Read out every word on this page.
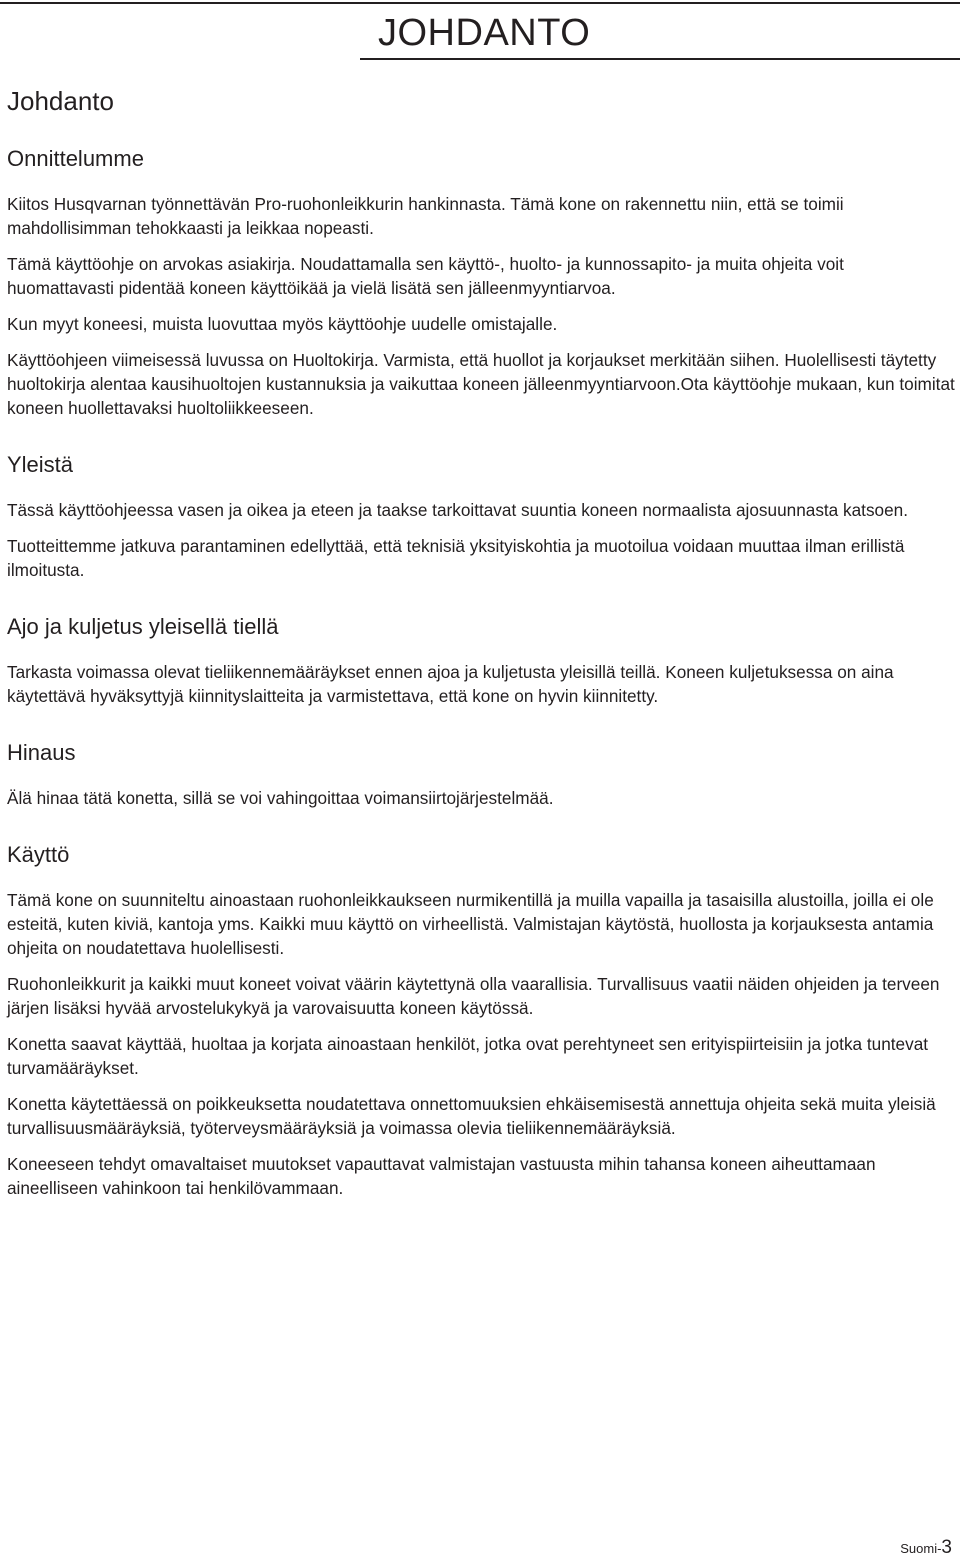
JOHDANTO
Johdanto
Onnittelumme

Kiitos Husqvarnan työnnettävän Pro-ruohonleikkurin hankinnasta. Tämä kone on rakennettu niin, että se toimii mahdollisimman tehokkaasti ja leikkaa nopeasti.

Tämä käyttöohje on arvokas asiakirja. Noudattamalla sen käyttö-, huolto- ja kunnossapito- ja muita ohjeita voit huomattavasti pidentää koneen käyttöikää ja vielä lisätä sen jälleenmyyntiarvoa.

Kun myyt koneesi, muista luovuttaa myös käyttöohje uudelle omistajalle.

Käyttöohjeen viimeisessä luvussa on Huoltokirja. Varmista, että huollot ja korjaukset merkitään siihen. Huolellisesti täytetty huoltokirja alentaa kausihuoltojen kustannuksia ja vaikuttaa koneen jälleenmyyntiarvoon.Ota käyttöohje mukaan, kun toimitat koneen huollettavaksi huoltoliikkeeseen.

Yleistä

Tässä käyttöohjeessa vasen ja oikea ja eteen ja taakse tarkoittavat suuntia koneen normaalista ajosuunnasta katsoen.

Tuotteittemme jatkuva parantaminen edellyttää, että teknisiä yksityiskohtia ja muotoilua voidaan muuttaa ilman erillistä ilmoitusta.

Ajo ja kuljetus yleisellä tiellä

Tarkasta voimassa olevat tieliikennemääräykset ennen ajoa ja kuljetusta yleisillä teillä. Koneen kuljetuksessa on aina käytettävä hyväksyttyjä kiinnityslaitteita ja varmistettava, että kone on hyvin kiinnitetty.

Hinaus

Älä hinaa tätä konetta, sillä se voi vahingoittaa voimansiirtojärjestelmää.

Käyttö

Tämä kone on suunniteltu ainoastaan ruohonleikkaukseen nurmikentillä ja muilla vapailla ja tasaisilla alustoilla, joilla ei ole esteitä, kuten kiviä, kantoja yms. Kaikki muu käyttö on virheellistä. Valmistajan käytöstä, huollosta ja korjauksesta antamia ohjeita on noudatettava huolellisesti.

Ruohonleikkurit ja kaikki muut koneet voivat väärin käytettynä olla vaarallisia. Turvallisuus vaatii näiden ohjeiden ja terveen järjen lisäksi hyvää arvostelukykyä ja varovaisuutta koneen käytössä.

Konetta saavat käyttää, huoltaa ja korjata ainoastaan henkilöt, jotka ovat perehtyneet sen erityispiirteisiin ja jotka tuntevat turvamääräykset.

Konetta käytettäessä on poikkeuksetta noudatettava onnettomuuksien ehkäisemisestä annettuja ohjeita sekä muita yleisiä turvallisuusmääräyksiä, työterveysmääräyksiä ja voimassa olevia tieliikennemääräyksiä.

Koneeseen tehdyt omavaltaiset muutokset vapauttavat valmistajan vastuusta mihin tahansa koneen aiheuttamaan aineelliseen vahinkoon tai henkilövammaan.

Suomi-3
